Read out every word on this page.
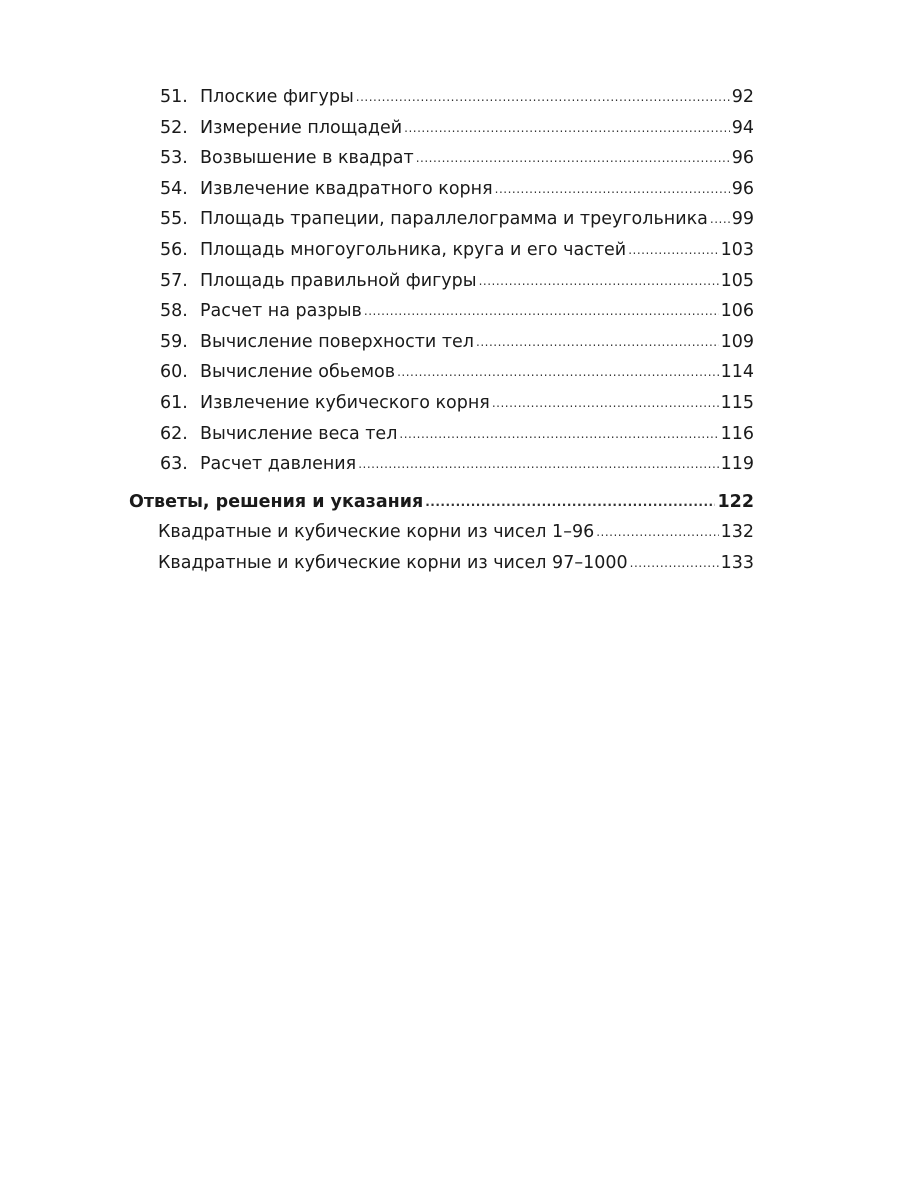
51. Плоские фигуры .....	92
52. Измерение площадей .....	94
53. Возвышение в квадрат .....	96
54. Извлечение квадратного корня .....	96
55. Площадь трапеции, параллелограмма и треугольника ..... 99
56. Площадь многоугольника, круга и его частей .....	103
57. Площадь правильной фигуры .....	105
58. Расчет на разрыв .....	106
59. Вычисление поверхности тел .....	109
60. Вычисление обьемов .....	114
61. Извлечение кубического корня .....	115
62. Вычисление веса тел .....	116
63. Расчет давления .....	119
Ответы, решения и указания .....	122
Квадратные и кубические корни из чисел 1–96 .....	132
Квадратные и кубические корни из чисел 97–1000 .....	133
